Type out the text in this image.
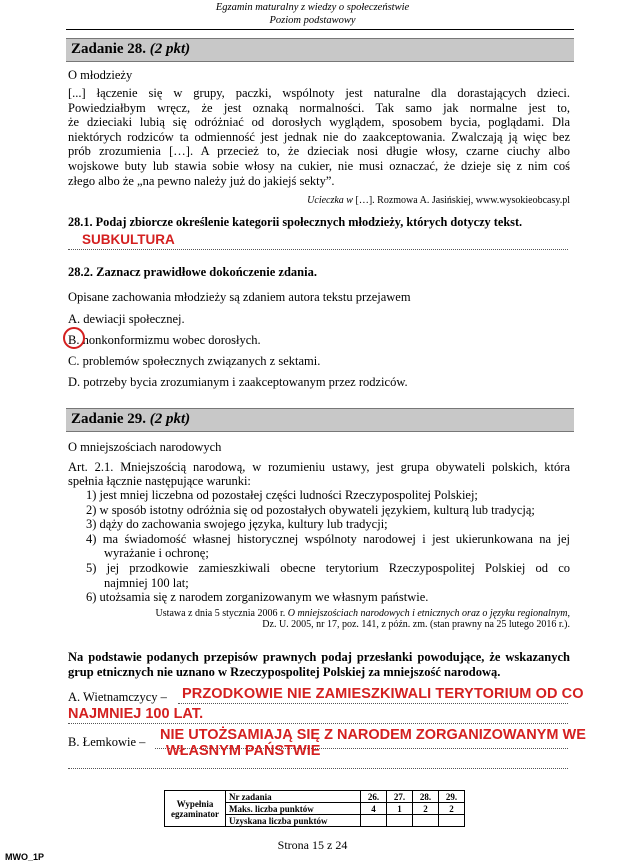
Egzamin maturalny z wiedzy o społeczeństwie
Poziom podstawowy
Zadanie 28. (2 pkt)
O młodzieży
[...] łączenie się w grupy, paczki, wspólnoty jest naturalne dla dorastających dzieci.
Powiedziałbym wręcz, że jest oznaką normalności. Tak samo jak normalne jest to,
że dzieciaki lubią się odróżniać od dorosłych wyglądem, sposobem bycia, poglądami. Dla
niektórych rodziców ta odmienność jest jednak nie do zaakceptowania. Zwalczają ją więc bez
prób zrozumienia […]. A przecież to, że dzieciak nosi długie włosy, czarne ciuchy albo
wojskowe buty lub stawia sobie włosy na cukier, nie musi oznaczać, że dzieje się z nim coś
złego albo że „na pewno należy już do jakiejś sekty”.
Ucieczka w […]. Rozmowa A. Jasińskiej, www.wysokieobcasy.pl
28.1. Podaj zbiorcze określenie kategorii społecznych młodzieży, których dotyczy tekst.
SUBKULTURA
28.2. Zaznacz prawidłowe dokończenie zdania.
Opisane zachowania młodzieży są zdaniem autora tekstu przejawem
A. dewiacji społecznej.
B. nonkonformizmu wobec dorosłych.
C. problemów społecznych związanych z sektami.
D. potrzeby bycia zrozumianym i zaakceptowanym przez rodziców.
Zadanie 29. (2 pkt)
O mniejszościach narodowych
Art. 2.1. Mniejszością narodową, w rozumieniu ustawy, jest grupa obywateli polskich, która
spełnia łącznie następujące warunki:
1) jest mniej liczebna od pozostałej części ludności Rzeczypospolitej Polskiej;
2) w sposób istotny odróżnia się od pozostałych obywateli językiem, kulturą lub tradycją;
3) dąży do zachowania swojego języka, kultury lub tradycji;
4) ma świadomość własnej historycznej wspólnoty narodowej i jest ukierunkowana na jej
wyrażanie i ochronę;
5) jej przodkowie zamieszkiwali obecne terytorium Rzeczypospolitej Polskiej od co
najmniej 100 lat;
6) utożsamia się z narodem zorganizowanym we własnym państwie.
Ustawa z dnia 5 stycznia 2006 r. O mniejszościach narodowych i etnicznych oraz o języku regionalnym,
Dz. U. 2005, nr 17, poz. 141, z późn. zm. (stan prawny na 25 lutego 2016 r.).
Na podstawie podanych przepisów prawnych podaj przesłanki powodujące, że wskazanych
grup etnicznych nie uznano w Rzeczypospolitej Polskiej za mniejszość narodową.
A. Wietnamczycy – PRZODKOWIE NIE ZAMIESZKIWALI TERYTORIUM OD CO
NAJMNIEJ 100 LAT.
B. Łemkowie – NIE UTOŻSAMIAJĄ SIĘ Z NARODEM ZORGANIZOWANYM WE
WŁASNYM PAŃSTWIE
Wypełnia
egzaminator	Nr zadania	26.	27.	28.	29.
	Maks. liczba punktów	4	1	2	2
	Uzyskana liczba punktów				
MWO_1P
Strona 15 z 24
